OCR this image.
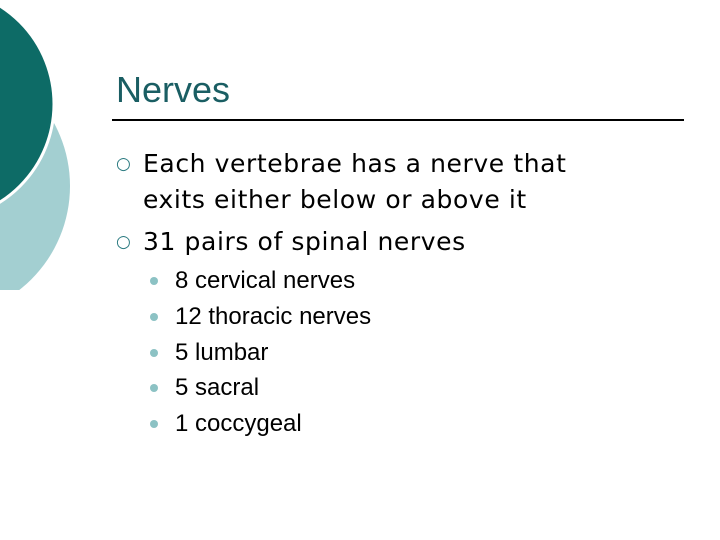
Nerves
○ Each vertebrae has a nerve that
exits either below or above it
○ 31 pairs of spinal nerves
8 cervical nerves
12 thoracic nerves
5 lumbar
5 sacral
1 coccygeal
